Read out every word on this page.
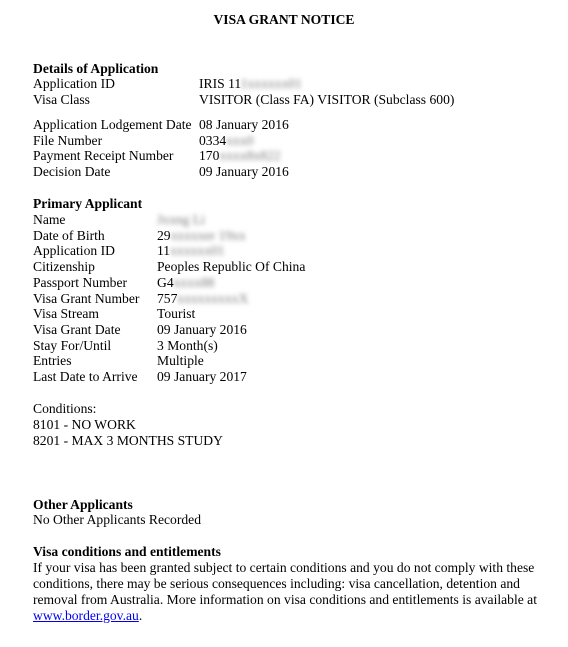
VISA GRANT NOTICE
Details of Application
Application ID	IRIS 111xxxxxx01
Visa Class	VISITOR (Class FA) VISITOR (Subclass 600)
Application Lodgement Date 08 January 2016
File Number	0334xxx0
Payment Receipt Number 170xxxx8x822
Decision Date	09 January 2016
Primary Applicant
Name	Jxxng Li
Date of Birth	29xxxxxer 19xx
Application ID	11xxxxxx01
Citizenship	Peoples Republic Of China
Passport Number G4xxxx88
Visa Grant Number 757xxxxxxxxxX
Visa Stream	Tourist
Visa Grant Date	09 January 2016
Stay For/Until	3 Month(s)
Entries	Multiple
Last Date to Arrive 09 January 2017
Conditions:
8101 - NO WORK
8201 - MAX 3 MONTHS STUDY
Other Applicants
No Other Applicants Recorded
Visa conditions and entitlements
If your visa has been granted subject to certain conditions and you do not comply with these conditions, there may be serious consequences including: visa cancellation, detention and removal from Australia. More information on visa conditions and entitlements is available at www.border.gov.au.
